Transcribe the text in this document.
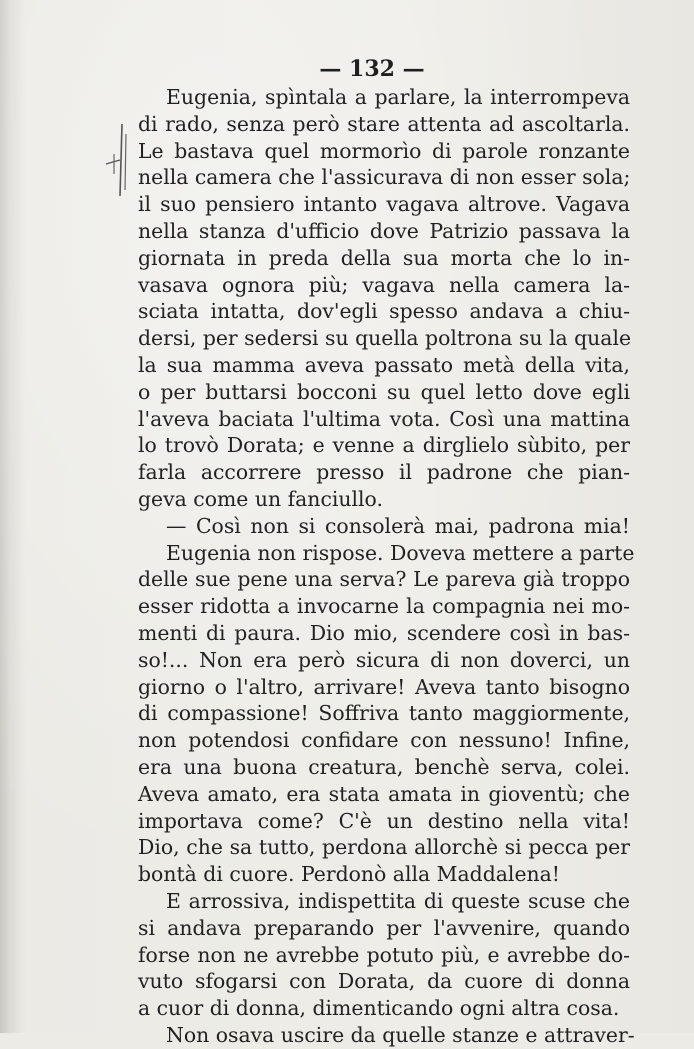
— 132 —
Eugenia, spìntala a parlare, la interrompeva
di rado, senza però stare attenta ad ascoltarla.
Le bastava quel mormorìo di parole ronzante
nella camera che l'assicurava di non esser sola;
il suo pensiero intanto vagava altrove. Vagava
nella stanza d'ufficio dove Patrizio passava la
giornata in preda della sua morta che lo in-
vasava ognora più; vagava nella camera la-
sciata intatta, dov'egli spesso andava a chiu-
dersi, per sedersi su quella poltrona su la quale
la sua mamma aveva passato metà della vita,
o per buttarsi bocconi su quel letto dove egli
l'aveva baciata l'ultima vota. Così una mattina
lo trovò Dorata; e venne a dirglielo sùbito, per
farla accorrere presso il padrone che pian-
geva come un fanciullo.
— Così non si consolerà mai, padrona mia!
Eugenia non rispose. Doveva mettere a parte
delle sue pene una serva? Le pareva già troppo
esser ridotta a invocarne la compagnia nei mo-
menti di paura. Dio mio, scendere così in bas-
so!... Non era però sicura di non doverci, un
giorno o l'altro, arrivare! Aveva tanto bisogno
di compassione! Soffriva tanto maggiormente,
non potendosi confidare con nessuno! Infine,
era una buona creatura, benchè serva, colei.
Aveva amato, era stata amata in gioventù; che
importava come? C'è un destino nella vita!
Dio, che sa tutto, perdona allorchè si pecca per
bontà di cuore. Perdonò alla Maddalena!
E arrossiva, indispettita di queste scuse che
si andava preparando per l'avvenire, quando
forse non ne avrebbe potuto più, e avrebbe do-
vuto sfogarsi con Dorata, da cuore di donna
a cuor di donna, dimenticando ogni altra cosa.
Non osava uscire da quelle stanze e attraver-
